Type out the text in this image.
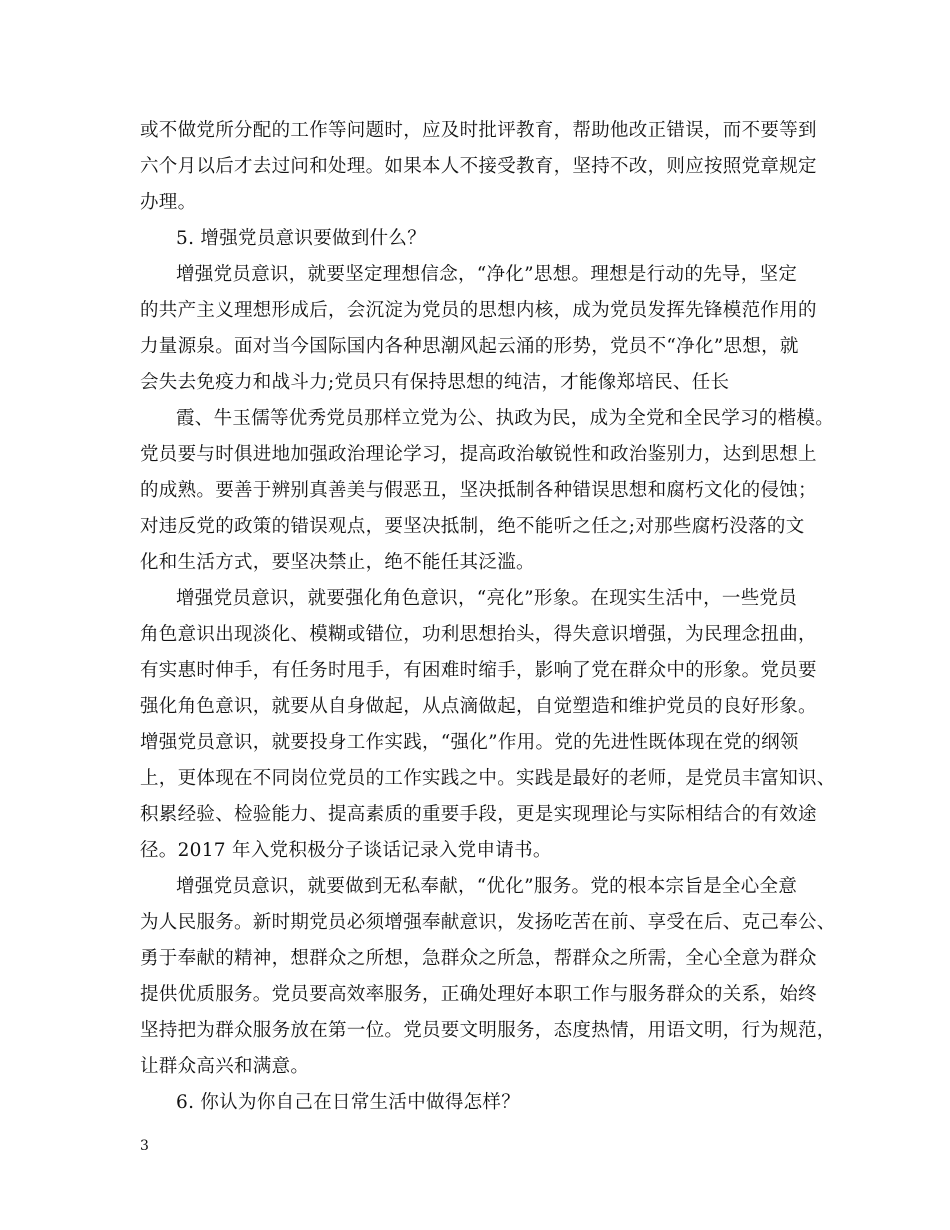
或不做党所分配的工作等问题时，应及时批评教育，帮助他改正错误，而不要等到
六个月以后才去过问和处理。如果本人不接受教育，坚持不改，则应按照党章规定
办理。
5. 增强党员意识要做到什么？
增强党员意识，就要坚定理想信念，“净化”思想。理想是行动的先导，坚定
的共产主义理想形成后，会沉淀为党员的思想内核，成为党员发挥先锋模范作用的
力量源泉。面对当今国际国内各种思潮风起云涌的形势，党员不“净化”思想，就
会失去免疫力和战斗力;党员只有保持思想的纯洁，才能像郑培民、任长
霞、牛玉儒等优秀党员那样立党为公、执政为民，成为全党和全民学习的楷模。
党员要与时俱进地加强政治理论学习，提高政治敏锐性和政治鉴别力，达到思想上
的成熟。要善于辨别真善美与假恶丑，坚决抵制各种错误思想和腐朽文化的侵蚀；
对违反党的政策的错误观点，要坚决抵制，绝不能听之任之;对那些腐朽没落的文
化和生活方式，要坚决禁止，绝不能任其泛滥。
增强党员意识，就要强化角色意识，“亮化”形象。在现实生活中，一些党员
角色意识出现淡化、模糊或错位，功利思想抬头，得失意识增强，为民理念扭曲，
有实惠时伸手，有任务时甩手，有困难时缩手，影响了党在群众中的形象。党员要
强化角色意识，就要从自身做起，从点滴做起，自觉塑造和维护党员的良好形象。
增强党员意识，就要投身工作实践，“强化”作用。党的先进性既体现在党的纲领
上，更体现在不同岗位党员的工作实践之中。实践是最好的老师，是党员丰富知识、
积累经验、检验能力、提高素质的重要手段，更是实现理论与实际相结合的有效途
径。2017 年入党积极分子谈话记录入党申请书。
增强党员意识，就要做到无私奉献，“优化”服务。党的根本宗旨是全心全意
为人民服务。新时期党员必须增强奉献意识，发扬吃苦在前、享受在后、克己奉公、
勇于奉献的精神，想群众之所想，急群众之所急，帮群众之所需，全心全意为群众
提供优质服务。党员要高效率服务，正确处理好本职工作与服务群众的关系，始终
坚持把为群众服务放在第一位。党员要文明服务，态度热情，用语文明，行为规范，
让群众高兴和满意。
6. 你认为你自己在日常生活中做得怎样？
3
